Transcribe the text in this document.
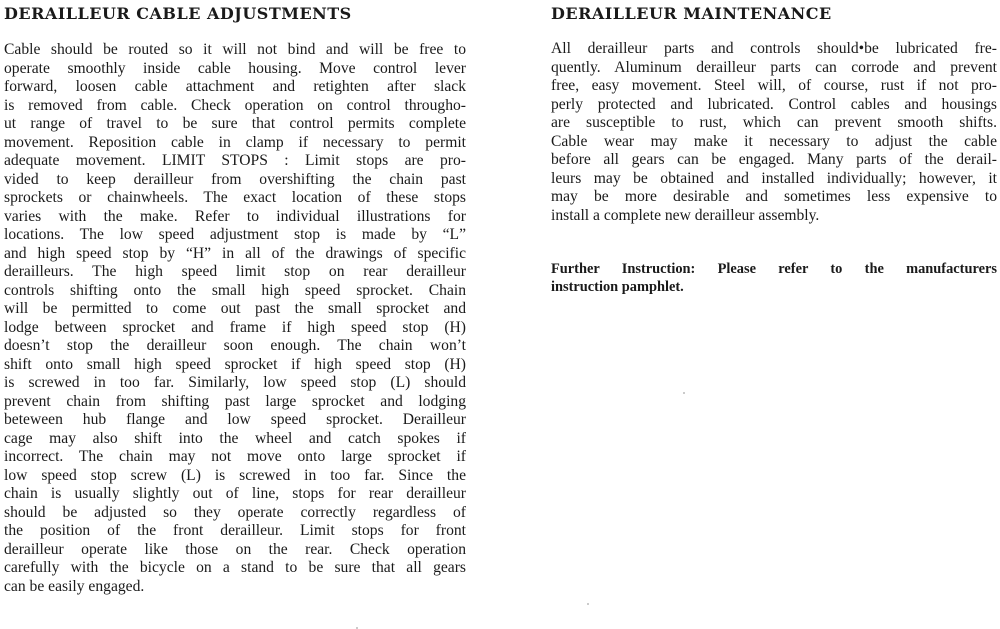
DERAILLEUR CABLE ADJUSTMENTS
Cable should be routed so it will not bind and will be free to
operate smoothly inside cable housing. Move control lever
forward, loosen cable attachment and retighten after slack
is removed from cable. Check operation on control througho-
ut range of travel to be sure that control permits complete
movement. Reposition cable in clamp if necessary to permit
adequate movement. LIMIT STOPS : Limit stops are pro-
vided to keep derailleur from overshifting the chain past
sprockets or chainwheels. The exact location of these stops
varies with the make. Refer to individual illustrations for
locations. The low speed adjustment stop is made by “L”
and high speed stop by “H” in all of the drawings of specific
derailleurs. The high speed limit stop on rear derailleur
controls shifting onto the small high speed sprocket. Chain
will be permitted to come out past the small sprocket and
lodge between sprocket and frame if high speed stop (H)
doesn’t stop the derailleur soon enough. The chain won’t
shift onto small high speed sprocket if high speed stop (H)
is screwed in too far. Similarly, low speed stop (L) should
prevent chain from shifting past large sprocket and lodging
beteween hub flange and low speed sprocket. Derailleur
cage may also shift into the wheel and catch spokes if
incorrect. The chain may not move onto large sprocket if
low speed stop screw (L) is screwed in too far. Since the
chain is usually slightly out of line, stops for rear derailleur
should be adjusted so they operate correctly regardless of
the position of the front derailleur. Limit stops for front
derailleur operate like those on the rear. Check operation
carefully with the bicycle on a stand to be sure that all gears
can be easily engaged.
DERAILLEUR MAINTENANCE
All derailleur parts and controls should•be lubricated fre-
quently. Aluminum derailleur parts can corrode and prevent
free, easy movement. Steel will, of course, rust if not pro-
perly protected and lubricated. Control cables and housings
are susceptible to rust, which can prevent smooth shifts.
Cable wear may make it necessary to adjust the cable
before all gears can be engaged. Many parts of the derail-
leurs may be obtained and installed individually; however, it
may be more desirable and sometimes less expensive to
install a complete new derailleur assembly.
Further Instruction: Please refer to the manufacturers
instruction pamphlet.
